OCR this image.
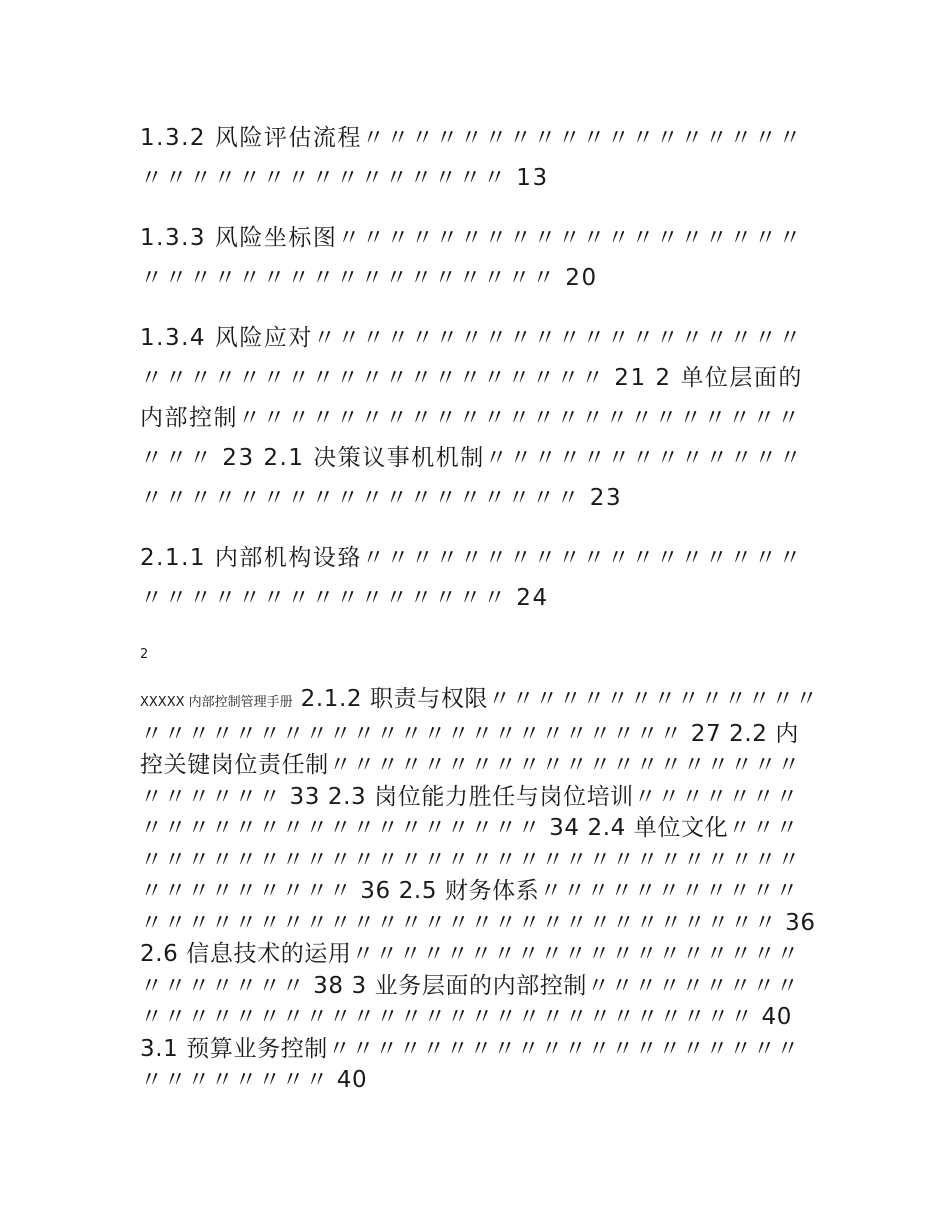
1.3.2 风险评估流程〃〃〃〃〃〃〃〃〃〃〃〃〃〃〃〃〃〃〃〃〃〃〃〃〃〃〃〃〃〃〃〃〃 13

1.3.3 风险坐标图〃〃〃〃〃〃〃〃〃〃〃〃〃〃〃〃〃〃〃〃〃〃〃〃〃〃〃〃〃〃〃〃〃〃〃〃 20

1.3.4 风险应对〃〃〃〃〃〃〃〃〃〃〃〃〃〃〃〃〃〃〃〃〃〃〃〃〃〃〃〃〃〃〃〃〃〃〃〃〃〃〃 21 2 单位层面的内部控制〃〃〃〃〃〃〃〃〃〃〃〃〃〃〃〃〃〃〃〃〃〃〃〃〃〃 23 2.1 决策议事机机制〃〃〃〃〃〃〃〃〃〃〃〃〃〃〃〃〃〃〃〃〃〃〃〃〃〃〃〃〃〃〃 23

2.1.1 内部机构设臵〃〃〃〃〃〃〃〃〃〃〃〃〃〃〃〃〃〃〃〃〃〃〃〃〃〃〃〃〃〃〃〃〃 24

2

XXXXX 内部控制管理手册 2.1.2 职责与权限〃〃〃〃〃〃〃〃〃〃〃〃〃〃〃〃〃〃〃〃〃〃〃〃〃〃〃〃〃〃〃〃〃〃〃〃〃 27 2.2 内控关键岗位责任制〃〃〃〃〃〃〃〃〃〃〃〃〃〃〃〃〃〃〃〃〃〃〃〃〃〃 33 2.3 岗位能力胜任与岗位培训〃〃〃〃〃〃〃〃〃〃〃〃〃〃〃〃〃〃〃〃〃〃〃〃 34 2.4 单位文化〃〃〃〃〃〃〃〃〃〃〃〃〃〃〃〃〃〃〃〃〃〃〃〃〃〃〃〃〃〃〃〃〃〃〃〃〃〃〃〃 36 2.5 财务体系〃〃〃〃〃〃〃〃〃〃〃〃〃〃〃〃〃〃〃〃〃〃〃〃〃〃〃〃〃〃〃〃〃〃〃〃〃〃 36 2.6 信息技术的运用〃〃〃〃〃〃〃〃〃〃〃〃〃〃〃〃〃〃〃〃〃〃〃〃〃〃 38 3 业务层面的内部控制〃〃〃〃〃〃〃〃〃〃〃〃〃〃〃〃〃〃〃〃〃〃〃〃〃〃〃〃〃〃〃〃〃〃〃 40 3.1 预算业务控制〃〃〃〃〃〃〃〃〃〃〃〃〃〃〃〃〃〃〃〃〃〃〃〃〃〃〃〃 40
